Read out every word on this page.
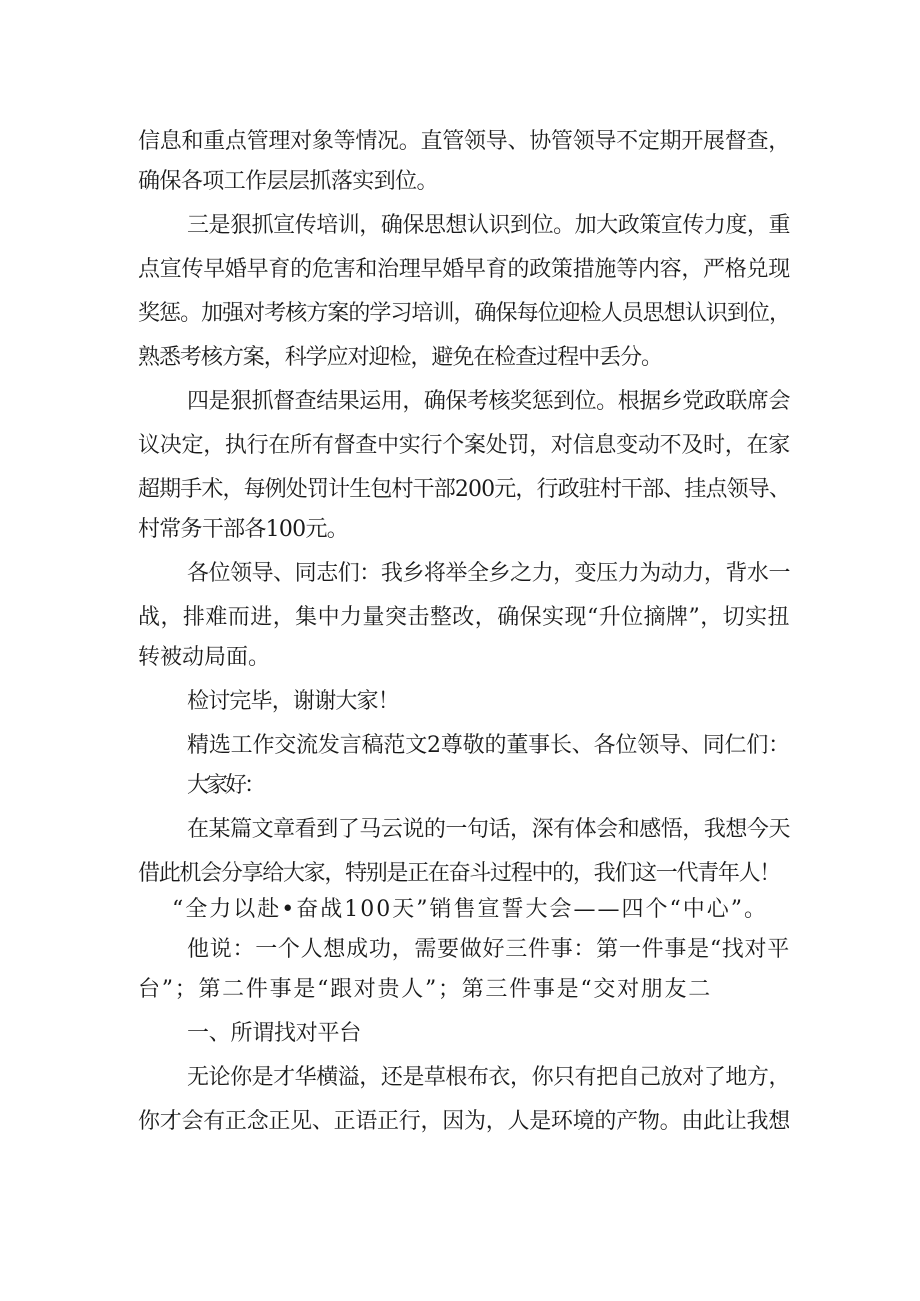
信息和重点管理对象等情况。直管领导、协管领导不定期开展督查，

确保各项工作层层抓落实到位。

三是狠抓宣传培训，确保思想认识到位。加大政策宣传力度，重

点宣传早婚早育的危害和治理早婚早育的政策措施等内容，严格兑现

奖惩。加强对考核方案的学习培训，确保每位迎检人员思想认识到位，

熟悉考核方案，科学应对迎检，避免在检查过程中丢分。

四是狠抓督查结果运用，确保考核奖惩到位。根据乡党政联席会

议决定，执行在所有督查中实行个案处罚，对信息变动不及时，在家

超期手术，每例处罚计生包村干部200元，行政驻村干部、挂点领导、

村常务干部各100元。

各位领导、同志们：我乡将举全乡之力，变压力为动力，背水一

战，排难而进，集中力量突击整改，确保实现“升位摘牌”，切实扭

转被动局面。

检讨完毕，谢谢大家！

精选工作交流发言稿范文2尊敬的董事长、各位领导、同仁们：

大家好：

在某篇文章看到了马云说的一句话，深有体会和感悟，我想今天

借此机会分享给大家，特别是正在奋斗过程中的，我们这一代青年人！

“全力以赴•奋战100天”销售宣誓大会——四个“中心”。

他说：一个人想成功，需要做好三件事：第一件事是“找对平

台”；第二件事是“跟对贵人”；第三件事是“交对朋友二

一、所谓找对平台

无论你是才华横溢，还是草根布衣，你只有把自己放对了地方，

你才会有正念正见、正语正行，因为，人是环境的产物。由此让我想
